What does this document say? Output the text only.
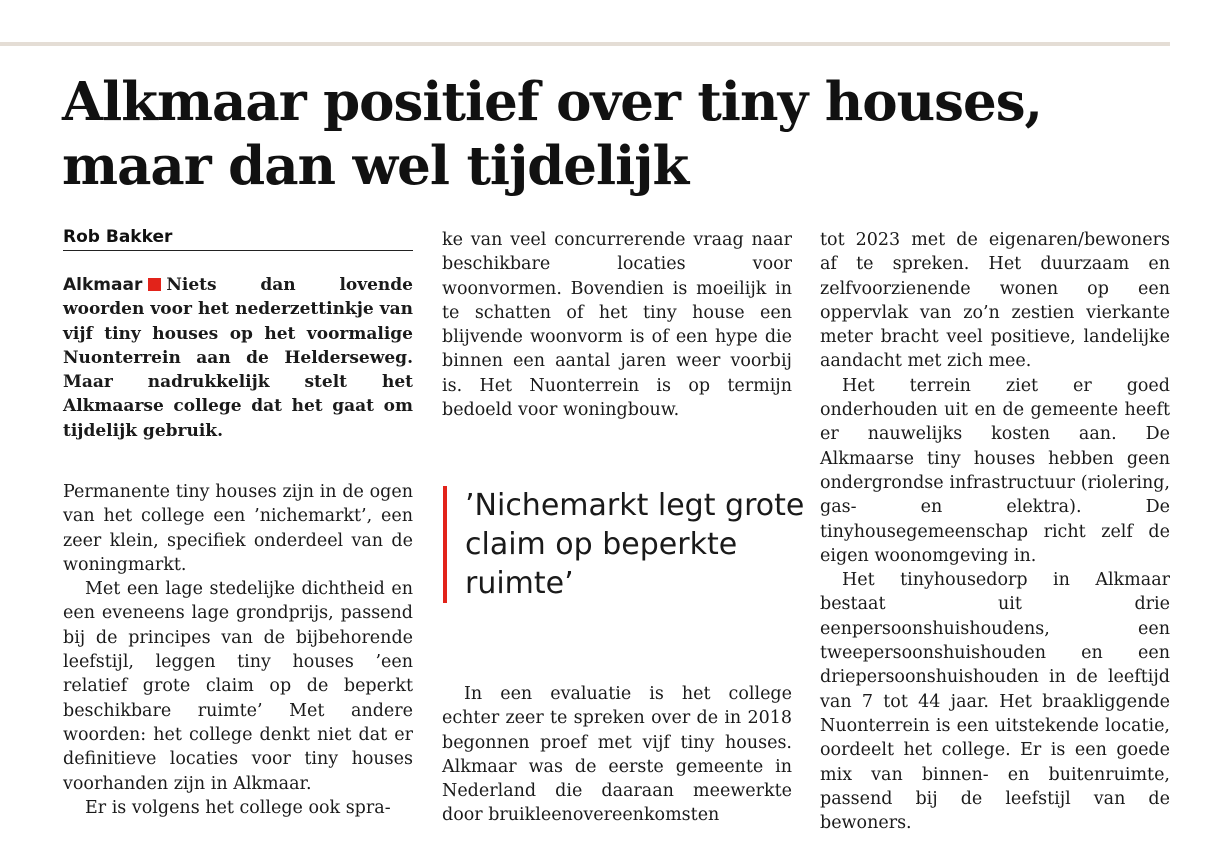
Alkmaar positief over tiny houses, maar dan wel tijdelijk
Rob Bakker

Alkmaar Niets dan lovende woorden voor het nederzettinkje van vijf tiny houses op het voormalige Nuonterrein aan de Helderseweg. Maar nadrukkelijk stelt het Alkmaarse college dat het gaat om tijdelijk gebruik.

Permanente tiny houses zijn in de ogen van het college een ’nichemarkt’, een zeer klein, specifiek onderdeel van de woningmarkt.

Met een lage stedelijke dichtheid en een eveneens lage grondprijs, passend bij de principes van de bijbehorende leefstijl, leggen tiny houses ’een relatief grote claim op de beperkt beschikbare ruimte’ Met andere woorden: het college denkt niet dat er definitieve locaties voor tiny houses voorhanden zijn in Alkmaar.

Er is volgens het college ook spra-

ke van veel concurrerende vraag naar beschikbare locaties voor woonvormen. Bovendien is moeilijk in te schatten of het tiny house een blijvende woonvorm is of een hype die binnen een aantal jaren weer voorbij is. Het Nuonterrein is op termijn bedoeld voor woningbouw.

’Nichemarkt legt grote claim op beperkte ruimte’

In een evaluatie is het college echter zeer te spreken over de in 2018 begonnen proef met vijf tiny houses. Alkmaar was de eerste gemeente in Nederland die daaraan meewerkte door bruikleenovereenkomsten

tot 2023 met de eigenaren/bewoners af te spreken. Het duurzaam en zelfvoorzienende wonen op een oppervlak van zo’n zestien vierkante meter bracht veel positieve, landelijke aandacht met zich mee.

Het terrein ziet er goed onderhouden uit en de gemeente heeft er nauwelijks kosten aan. De Alkmaarse tiny houses hebben geen ondergrondse infrastructuur (riolering, gas- en elektra). De tinyhousegemeenschap richt zelf de eigen woonomgeving in.

Het tinyhousedorp in Alkmaar bestaat uit drie eenpersoonshuishoudens, een tweepersoonshuishouden en een driepersoonshuishouden in de leeftijd van 7 tot 44 jaar. Het braakliggende Nuonterrein is een uitstekende locatie, oordeelt het college. Er is een goede mix van binnen- en buitenruimte, passend bij de leefstijl van de bewoners.
